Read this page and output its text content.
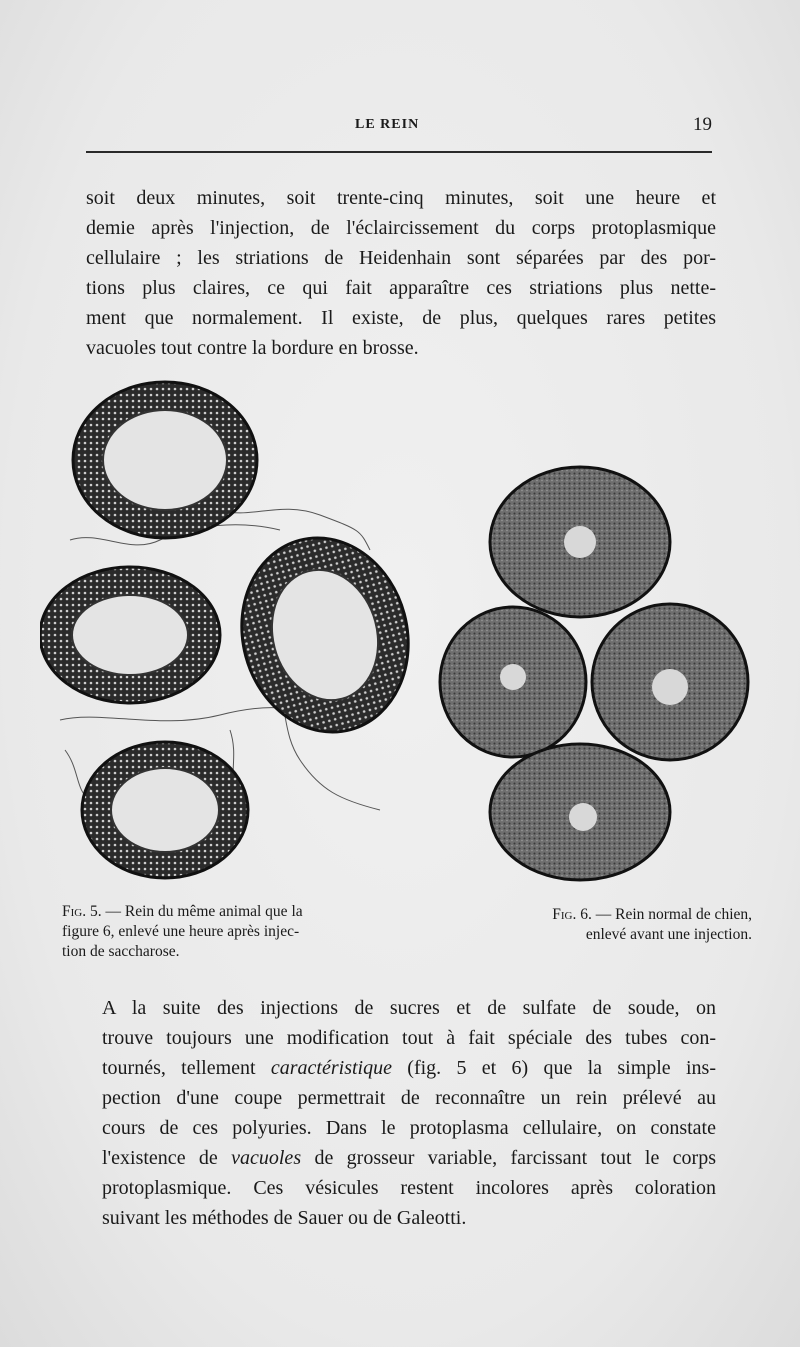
LE REIN	19

soit deux minutes, soit trente-cinq minutes, soit une heure et
demie après l'injection, de l'éclaircissement du corps protoplasmique
cellulaire ; les striations de Heidenhain sont séparées par des por-
tions plus claires, ce qui fait apparaître ces striations plus nette-
ment que normalement. Il existe, de plus, quelques rares petites
vacuoles tout contre la bordure en brosse.

Fig. 5. — Rein du même animal que la
figure 6, enlevé une heure après injec-
tion de saccharose.

Fig. 6. — Rein normal de chien,
enlevé avant une injection.

A la suite des injections de sucres et de sulfate de soude, on
trouve toujours une modification tout à fait spéciale des tubes con-
tournés, tellement caractéristique (fig. 5 et 6) que la simple ins-
pection d'une coupe permettrait de reconnaître un rein prélevé au
cours de ces polyuries. Dans le protoplasma cellulaire, on constate
l'existence de vacuoles de grosseur variable, farcissant tout le corps
protoplasmique. Ces vésicules restent incolores après coloration
suivant les méthodes de Sauer ou de Galeotti.
